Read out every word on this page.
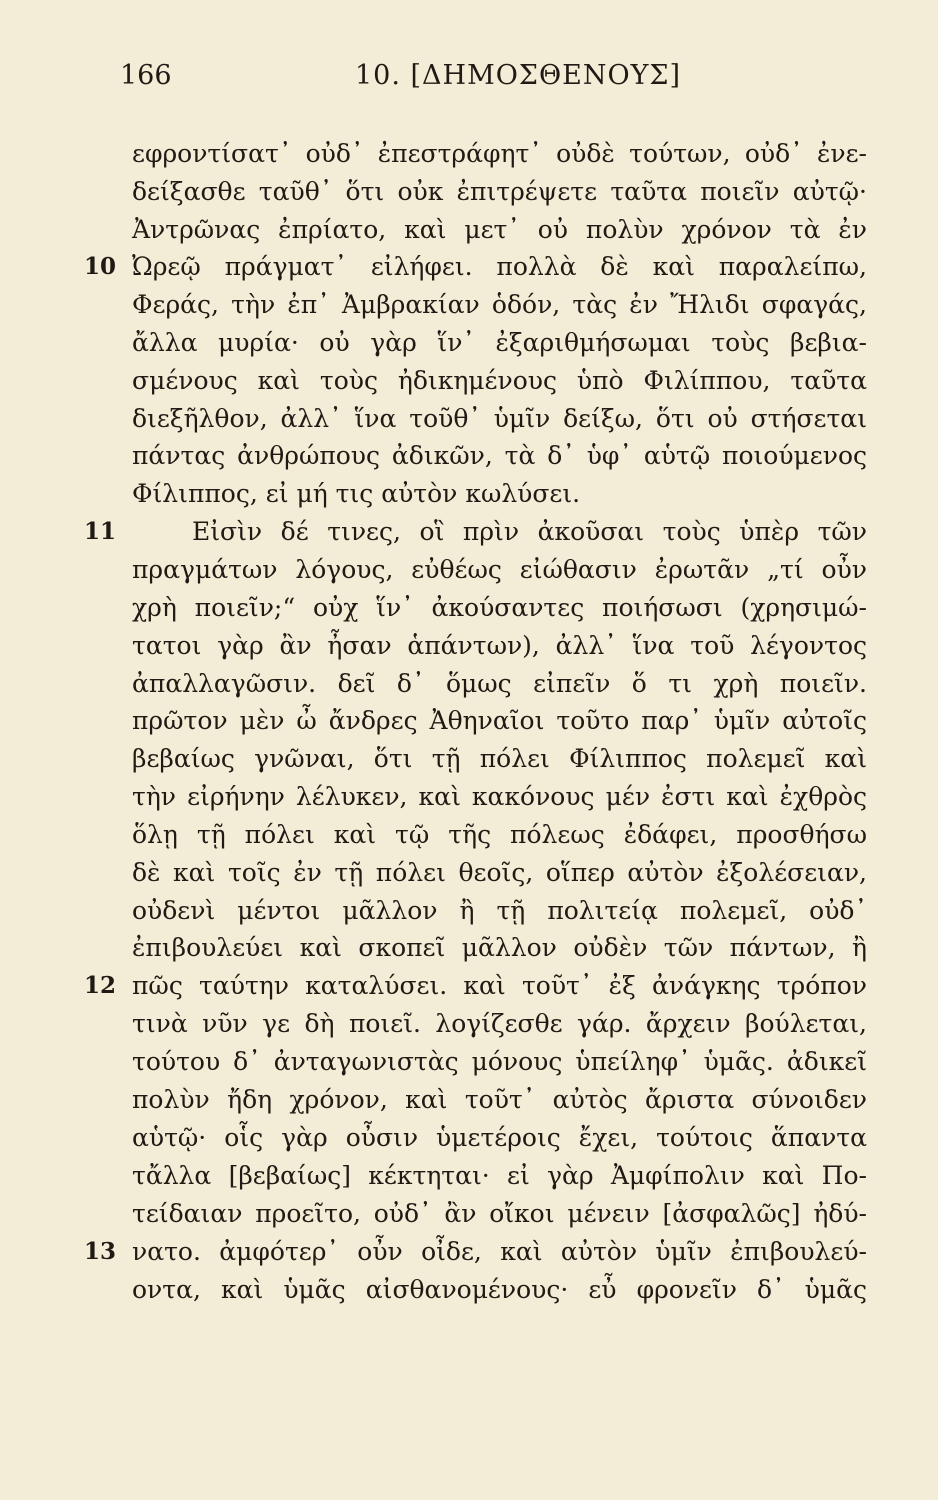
166	10. [ΔΗΜΟΣΘΕΝΟΥΣ]
10
11
12
13
εφροντίσατ᾽ οὐδ᾽ ἐπεστράφητ᾽ οὐδὲ τούτων, οὐδ᾽ ἐνε-
δείξασθε ταῦθ᾽ ὅτι οὐκ ἐπιτρέψετε ταῦτα ποιεῖν αὐτῷ·
Ἀντρῶνας ἐπρίατο, καὶ μετ᾽ οὐ πολὺν χρόνον τὰ ἐν
Ὠρεῷ πράγματ᾽ εἰλήφει. πολλὰ δὲ καὶ παραλείπω,
Φεράς, τὴν ἐπ᾽ Ἀμβρακίαν ὁδόν, τὰς ἐν Ἤλιδι σφαγάς,
ἄλλα μυρία· οὐ γὰρ ἵν᾽ ἐξαριθμήσωμαι τοὺς βεβια-
σμένους καὶ τοὺς ἠδικημένους ὑπὸ Φιλίππου, ταῦτα
διεξῆλθον, ἀλλ᾽ ἵνα τοῦθ᾽ ὑμῖν δείξω, ὅτι οὐ στήσεται
πάντας ἀνθρώπους ἀδικῶν, τὰ δ᾽ ὑφ᾽ αὑτῷ ποιούμενος
Φίλιππος, εἰ μή τις αὐτὸν κωλύσει.
Εἰσὶν δέ τινες, οἳ πρὶν ἀκοῦσαι τοὺς ὑπὲρ τῶν
πραγμάτων λόγους, εὐθέως εἰώθασιν ἐρωτᾶν „τί οὖν
χρὴ ποιεῖν;“ οὐχ ἵν᾽ ἀκούσαντες ποιήσωσι (χρησιμώ-
τατοι γὰρ ἂν ἦσαν ἁπάντων), ἀλλ᾽ ἵνα τοῦ λέγοντος
ἀπαλλαγῶσιν. δεῖ δ᾽ ὅμως εἰπεῖν ὅ τι χρὴ ποιεῖν.
πρῶτον μὲν ὦ ἄνδρες Ἀθηναῖοι τοῦτο παρ᾽ ὑμῖν αὐτοῖς
βεβαίως γνῶναι, ὅτι τῇ πόλει Φίλιππος πολεμεῖ καὶ
τὴν εἰρήνην λέλυκεν, καὶ κακόνους μέν ἐστι καὶ ἐχθρὸς
ὅλῃ τῇ πόλει καὶ τῷ τῆς πόλεως ἐδάφει, προσθήσω
δὲ καὶ τοῖς ἐν τῇ πόλει θεοῖς, οἵπερ αὐτὸν ἐξολέσειαν,
οὐδενὶ μέντοι μᾶλλον ἢ τῇ πολιτείᾳ πολεμεῖ, οὐδ᾽
ἐπιβουλεύει καὶ σκοπεῖ μᾶλλον οὐδὲν τῶν πάντων, ἢ
πῶς ταύτην καταλύσει. καὶ τοῦτ᾽ ἐξ ἀνάγκης τρόπον
τινὰ νῦν γε δὴ ποιεῖ. λογίζεσθε γάρ. ἄρχειν βούλεται,
τούτου δ᾽ ἀνταγωνιστὰς μόνους ὑπείληφ᾽ ὑμᾶς. ἀδικεῖ
πολὺν ἤδη χρόνον, καὶ τοῦτ᾽ αὐτὸς ἄριστα σύνοιδεν
αὑτῷ· οἷς γὰρ οὖσιν ὑμετέροις ἔχει, τούτοις ἅπαντα
τἄλλα [βεβαίως] κέκτηται· εἰ γὰρ Ἀμφίπολιν καὶ Πο-
τείδαιαν προεῖτο, οὐδ᾽ ἂν οἴκοι μένειν [ἀσφαλῶς] ἠδύ-
νατο. ἀμφότερ᾽ οὖν οἶδε, καὶ αὐτὸν ὑμῖν ἐπιβουλεύ-
οντα, καὶ ὑμᾶς αἰσθανομένους· εὖ φρονεῖν δ᾽ ὑμᾶς
